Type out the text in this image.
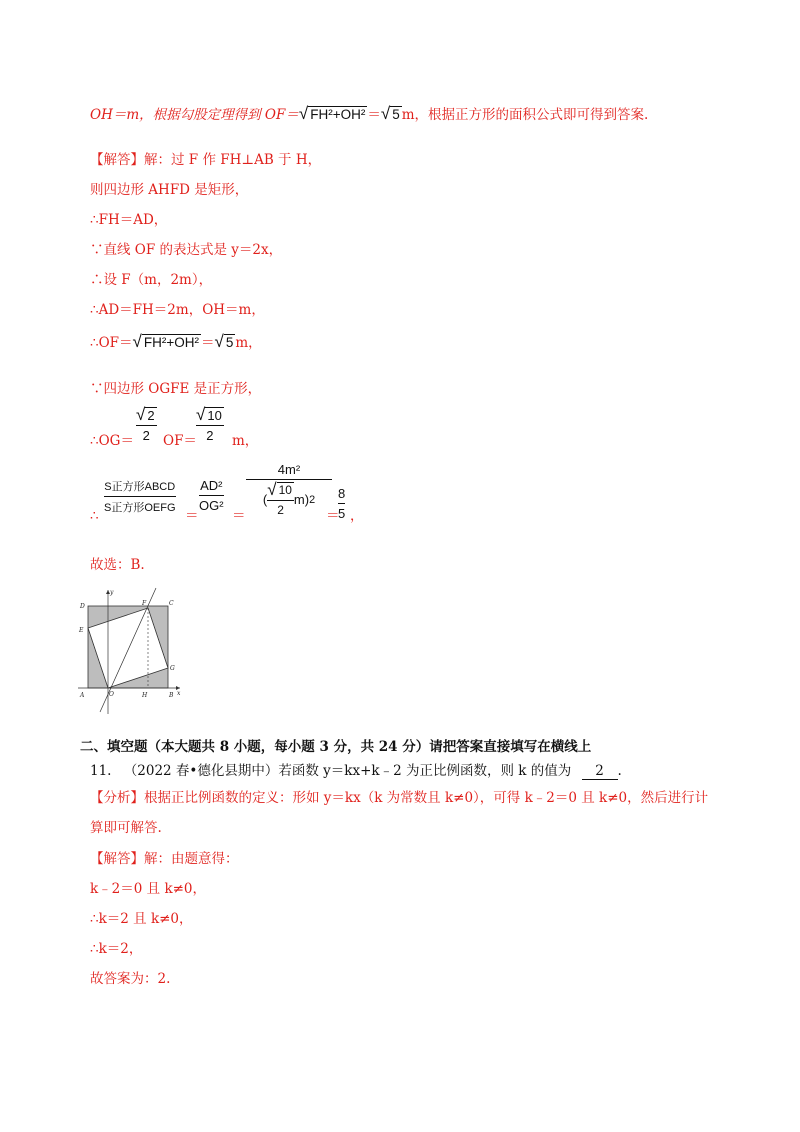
OH＝m，根据勾股定理得到 OF＝ √ FH²+OH² ＝ √ 5 m，根据正方形的面积公式即可得到答案.
【解答】解：过 F 作 FH⊥AB 于 H，
则四边形 AHFD 是矩形，
∴FH＝AD，
∵直线 OF 的表达式是 y＝2x，
∴设 F（m，2m），
∴AD＝FH＝2m，OH＝m，
∴OF＝ √ FH²+OH² ＝ √ 5 m，
∵四边形 OGFE 是正方形，
∴OG＝
√ 2
2 OF＝
√ 10
2 m，
∴
S正方形ABCD
S正方形OEFG ＝
AD²
OG²
＝
4m²
( $\frac{√ 10}{2} m$) 2
＝
8
5 ，
故选：B.
D	F	C
E
G
A	O	H	B
y
x
二、填空题（本大题共 8 小题，每小题 3 分，共 24 分）请把答案直接填写在横线上
11. （2022 春•德化县期中）若函数 y＝kx+k﹣2 为正比例函数，则 k 的值为 2 .
【分析】根据正比例函数的定义：形如 y＝kx（k 为常数且 k≠0），可得 k﹣2＝0 且 k≠0，然后进行计
算即可解答.
【解答】解：由题意得：
k﹣2＝0 且 k≠0，
∴k＝2 且 k≠0，
∴k＝2，
故答案为：2.
